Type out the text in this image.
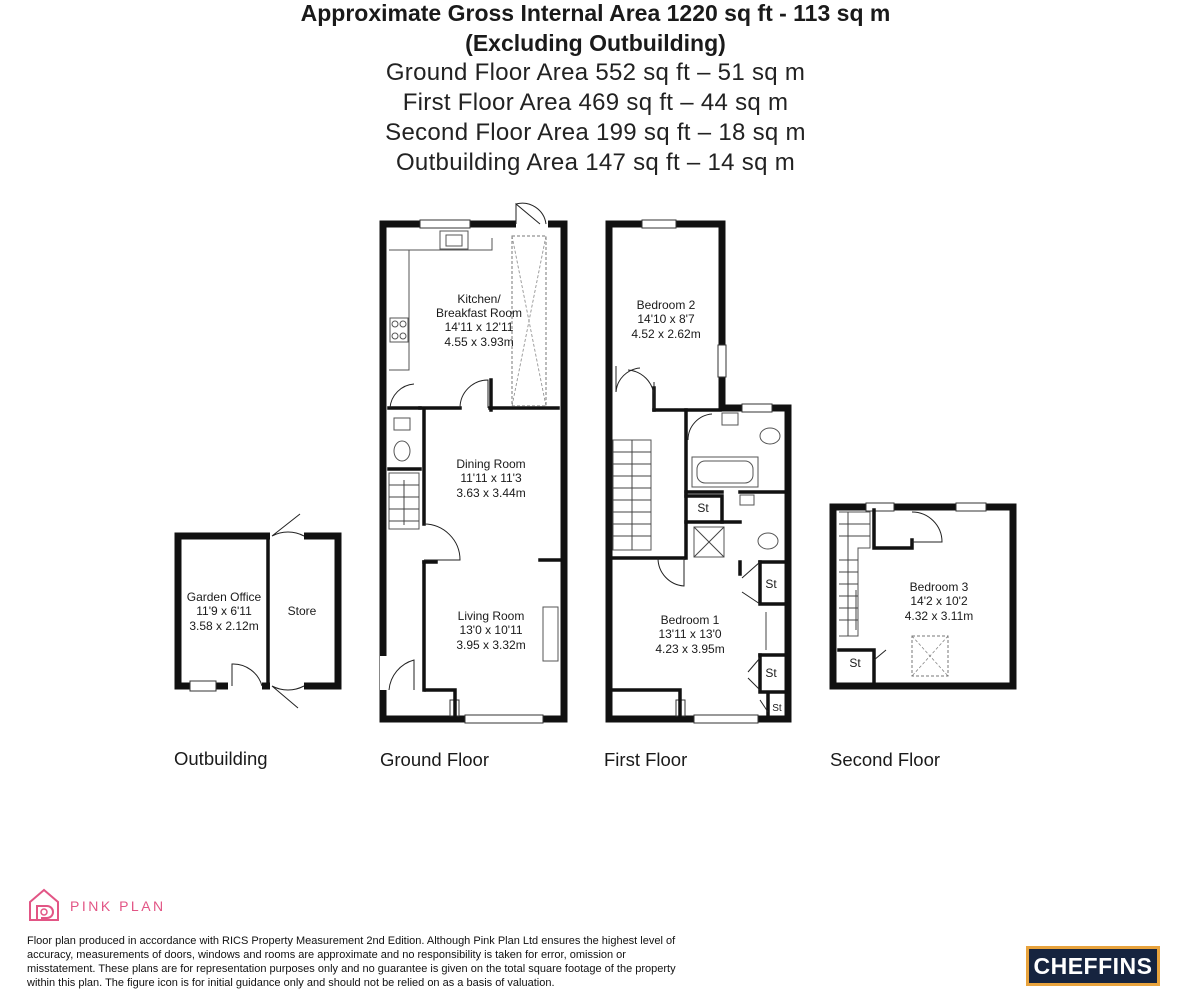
Approximate Gross Internal Area 1220 sq ft - 113 sq m
(Excluding Outbuilding)
Ground Floor Area 552 sq ft – 51 sq m
First Floor Area 469 sq ft – 44 sq m
Second Floor Area 199 sq ft – 18 sq m
Outbuilding Area 147 sq ft – 14 sq m
Garden Office
11'9 x 6'11
3.58 x 2.12m
Store
Kitchen/
Breakfast Room
14'11 x 12'11
4.55 x 3.93m
Dining Room
11'11 x 11'3
3.63 x 3.44m
Living Room
13'0 x 10'11
3.95 x 3.32m
St
St
St
St
Bedroom 2
14'10 x 8'7
4.52 x 2.62m
Bedroom 1
13'11 x 13'0
4.23 x 3.95m
St
Bedroom 3
14'2 x 10'2
4.32 x 3.11m
Outbuilding	Ground Floor	First Floor	Second Floor
PINK PLAN
Floor plan produced in accordance with RICS Property Measurement 2nd Edition. Although Pink Plan Ltd ensures the highest level of accuracy, measurements of doors, windows and rooms are approximate and no responsibility is taken for error, omission or misstatement. These plans are for representation purposes only and no guarantee is given on the total square footage of the property within this plan. The figure icon is for initial guidance only and should not be relied on as a basis of valuation.
CHEFFINS
